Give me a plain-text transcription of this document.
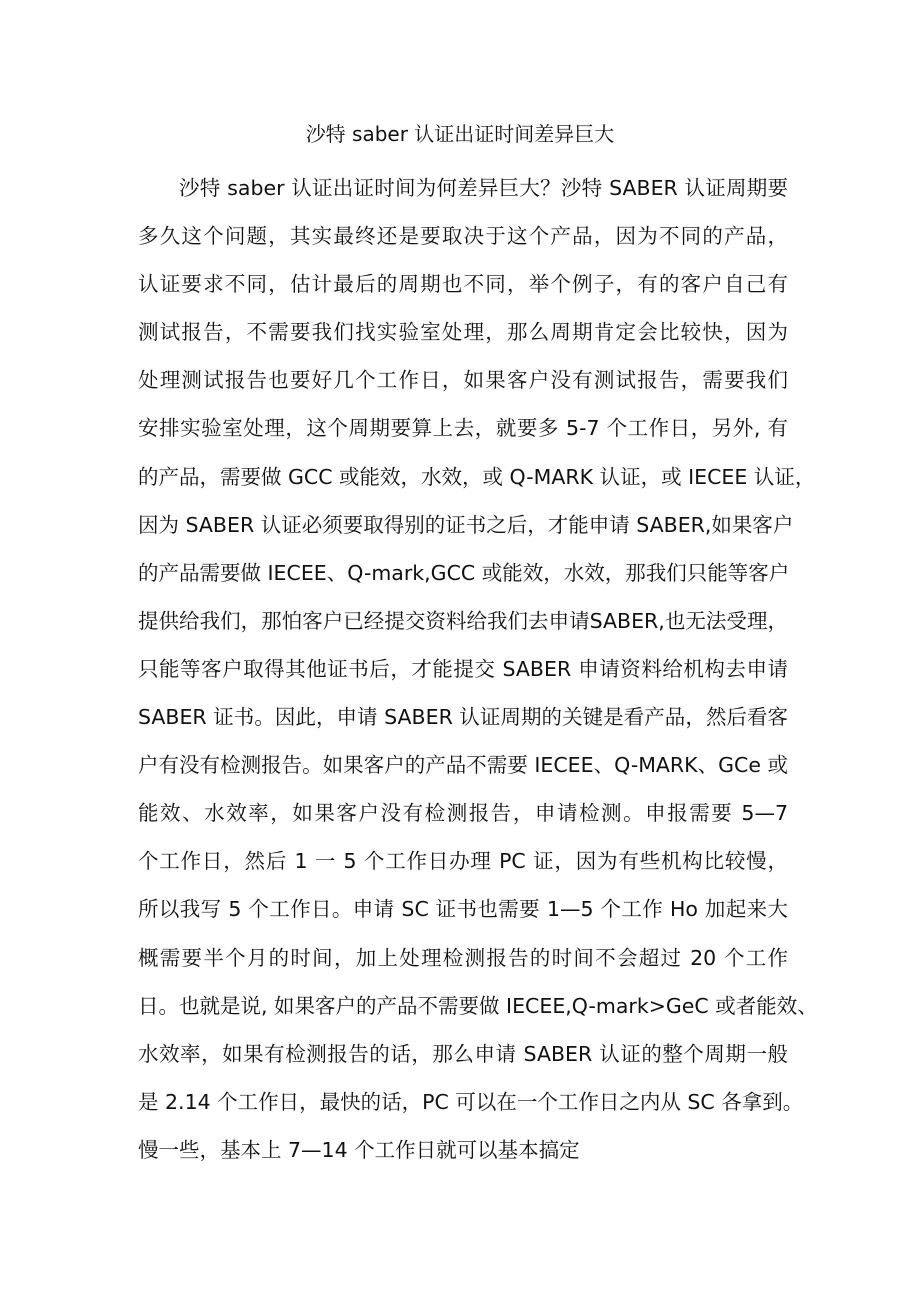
沙特 saber 认证出证时间差异巨大
沙特 saber 认证出证时间为何差异巨大？沙特 SABER 认证周期要
多久这个问题，其实最终还是要取决于这个产品，因为不同的产品，
认证要求不同，估计最后的周期也不同，举个例子，有的客户自己有
测试报告，不需要我们找实验室处理，那么周期肯定会比较快，因为
处理测试报告也要好几个工作日，如果客户没有测试报告，需要我们
安排实验室处理，这个周期要算上去，就要多 5-7 个工作日，另外, 有
的产品，需要做 GCC 或能效，水效，或 Q-MARK 认证，或 IECEE 认证，
因为 SABER 认证必须要取得别的证书之后，才能申请 SABER,如果客户
的产品需要做 IECEE、Q-mark,GCC 或能效，水效，那我们只能等客户
提供给我们，那怕客户已经提交资料给我们去申请SABER,也无法受理，
只能等客户取得其他证书后，才能提交 SABER 申请资料给机构去申请
SABER 证书。因此，申请 SABER 认证周期的关键是看产品，然后看客
户有没有检测报告。如果客户的产品不需要 IECEE、Q-MARK、GCe 或
能效、水效率，如果客户没有检测报告，申请检测。申报需要 5—7
个工作日，然后 1 一 5 个工作日办理 PC 证，因为有些机构比较慢，
所以我写 5 个工作日。申请 SC 证书也需要 1—5 个工作 Ho 加起来大
概需要半个月的时间，加上处理检测报告的时间不会超过 20 个工作
日。也就是说, 如果客户的产品不需要做 IECEE,Q-mark>GeC 或者能效、
水效率，如果有检测报告的话，那么申请 SABER 认证的整个周期一般
是 2.14 个工作日，最快的话，PC 可以在一个工作日之内从 SC 各拿到。
慢一些，基本上 7—14 个工作日就可以基本搞定
